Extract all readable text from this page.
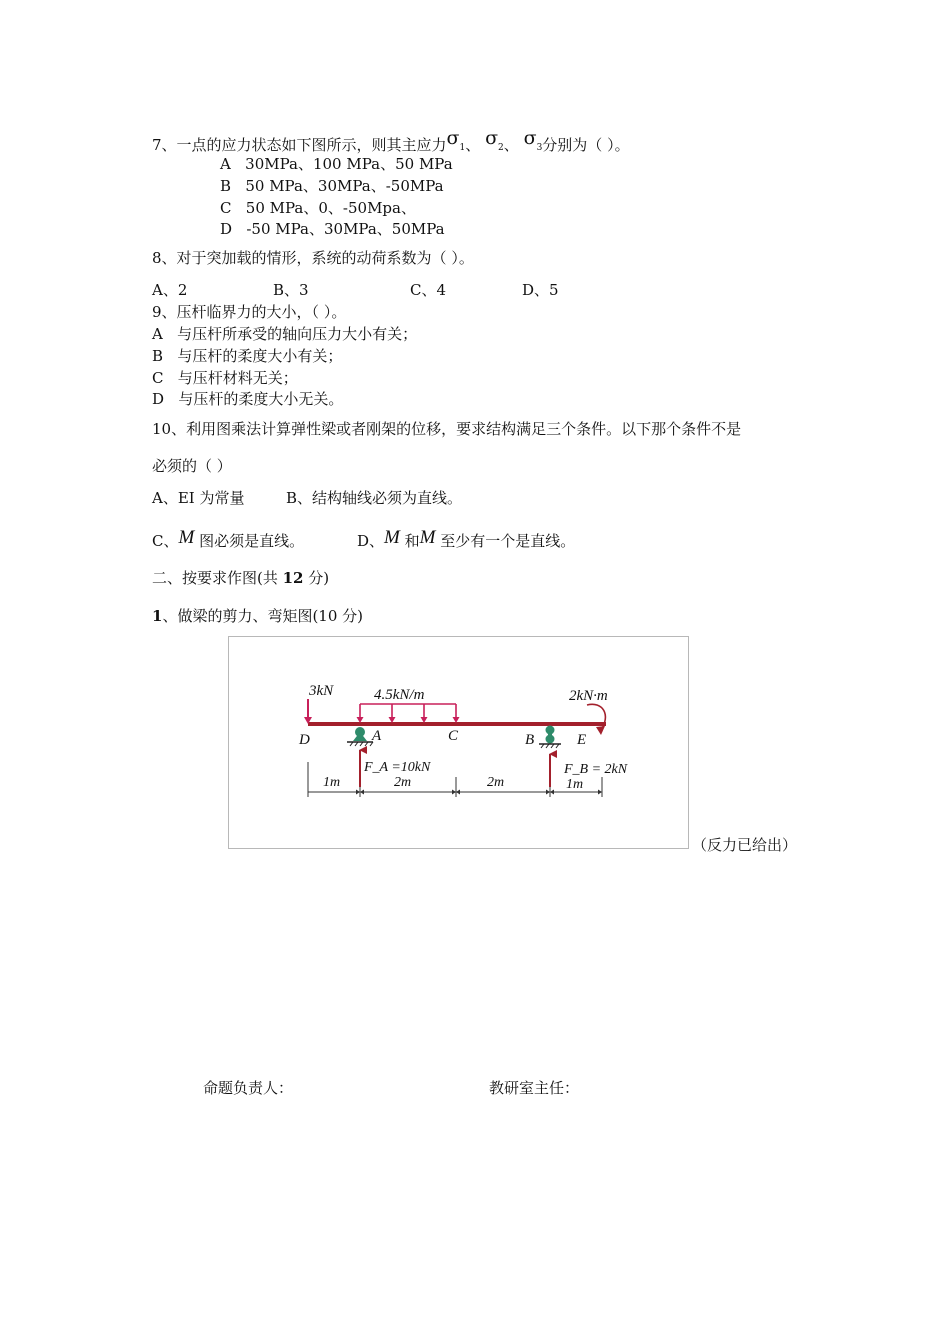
7、一点的应力状态如下图所示，则其主应力σ1、 σ2、 σ3分别为（ ）。
A 30MPa、100 MPa、50 MPa
B 50 MPa、30MPa、-50MPa
C 50 MPa、0、-50Mpa、
D -50 MPa、30MPa、50MPa
8、对于突加载的情形，系统的动荷系数为（ ）。
A、2	B、3	C、4	D、5
9、压杆临界力的大小，（ ）。
A 与压杆所承受的轴向压力大小有关；
B 与压杆的柔度大小有关；
C 与压杆材料无关；
D 与压杆的柔度大小无关。
10、利用图乘法计算弹性梁或者刚架的位移，要求结构满足三个条件。以下那个条件不是
必须的（ ）
A、EI 为常量	B、结构轴线必须为直线。
C、M 图必须是直线。	D、M 和M 至少有一个是直线。
二、按要求作图(共 12 分)
1、做梁的剪力、弯矩图(10 分)
3kN	4.5kN/m	2kN·m
D	A	C	B	E
F_A =10kN	F_B = 2kN
1m	2m	2m	1m
（反力已给出）
命题负责人：	教研室主任：
